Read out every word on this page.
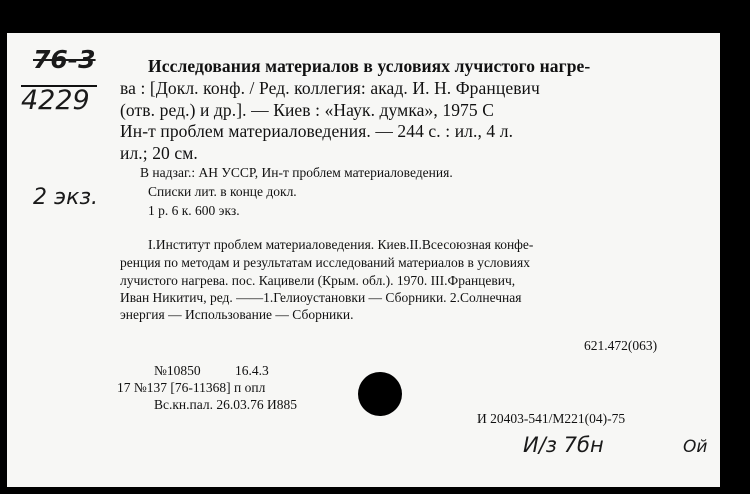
76-3
4229
2 экз.
Исследования материалов в условиях лучистого нагре-
ва : [Докл. конф. / Ред. коллегия: акад. И. Н. Францевич
(отв. ред.) и др.]. — Киев : «Наук. думка», 1975 С
Ин-т проблем материаловедения. — 244 с. : ил., 4 л.
ил.; 20 см.
В надзаг.: АН УССР, Ин-т проблем материаловедения.
Списки лит. в конце докл.
1 р. 6 к. 600 экз.
I.Институт проблем материаловедения. Киев.II.Всесоюзная конфе-
ренция по методам и результатам исследований материалов в условиях
лучистого нагрева. пос. Кацивели (Крым. обл.). 1970. III.Францевич,
Иван Никитич, ред. ——1.Гелиоустановки — Сборники. 2.Солнечная
энергия — Использование — Сборники.
621.472(063)
№10850	16.4.3
17 №137 [76-11368] п опл
Вс.кн.пал. 26.03.76 И885
И 20403-541/М221(04)-75
И/з 7бн	Ой
